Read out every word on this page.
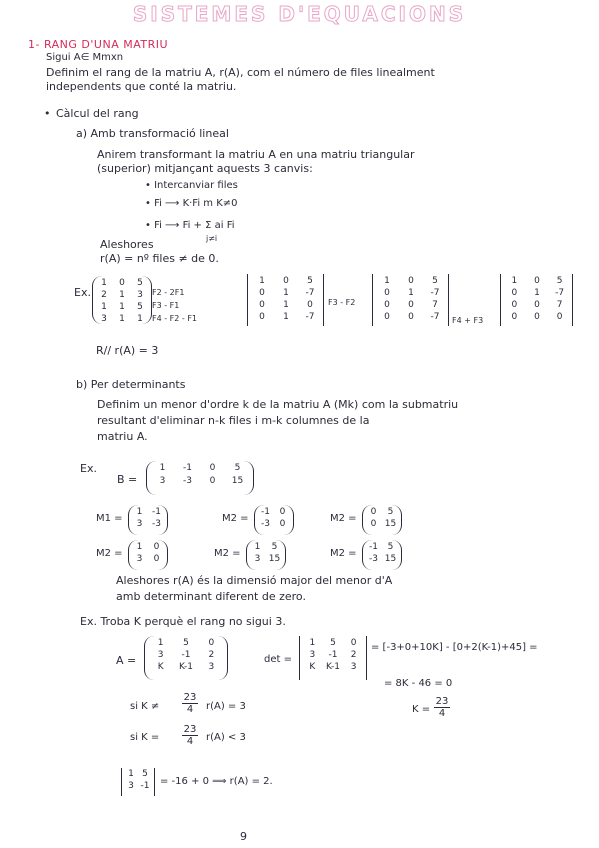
SISTEMES D'EQUACIONS
1- RANG D'UNA MATRIU
Sigui A∈ Mmxn
Definim el rang de la matriu A, r(A), com el número de files linealment
independents que conté la matriu.
• Càlcul del rang
a) Amb transformació lineal
Anirem transformant la matriu A en una matriu triangular
(superior) mitjançant aquests 3 canvis:
• Intercanviar files
• Fi ⟶ K·Fi m K≠0
• Fi ⟶ Fi + Σ ai Fi
j≠i
Aleshores
r(A) = nº files ≠ de 0.
Ex.
1	0	5
2	1	3
1	1	5
3	1	1
F2 - 2F1
F3 - F1
F4 - F2 - F1
1	0	5
0	1	-7
0	1	0
0	1	-7
F3 - F2
1	0	5
0	1	-7
0	0	7
0	0	-7	F4 + F3
1	0	5
0	1	-7
0	0	7
0	0	0
R// r(A) = 3
b) Per determinants
Definim un menor d'ordre k de la matriu A (Mk) com la submatriu
resultant d'eliminar n-k files i m-k columnes de la
matriu A.
Ex.
B =
1	-1	0	5
3	-3	0	15
M1 =
1	-1
3	-3	M2 =
-1	0
-3	0	M2 =
0	5
0 15
M2 =
1	0
3	0	M2 =
1	5
3 15	M2 =
-1	5
-3 15
Aleshores r(A) és la dimensió major del menor d'A
amb determinant diferent de zero.
Ex. Troba K perquè el rang no sigui 3.
A =
1	5	0
3	-1	2
K	K-1	3
det =
1	5	0
3	-1	2
K	K-1	3
= [-3+0+10K] - [0+2(K-1)+45] =
= 8K - 46 = 0
$K = \frac{23}{4}$
si $K \ne \frac{23}{4} r(A) = 3$
si $K = \frac{23}{4} r(A) < 3$
1 5
3 -1 = -16 + 0 ⟹ r(A) = 2.
9
